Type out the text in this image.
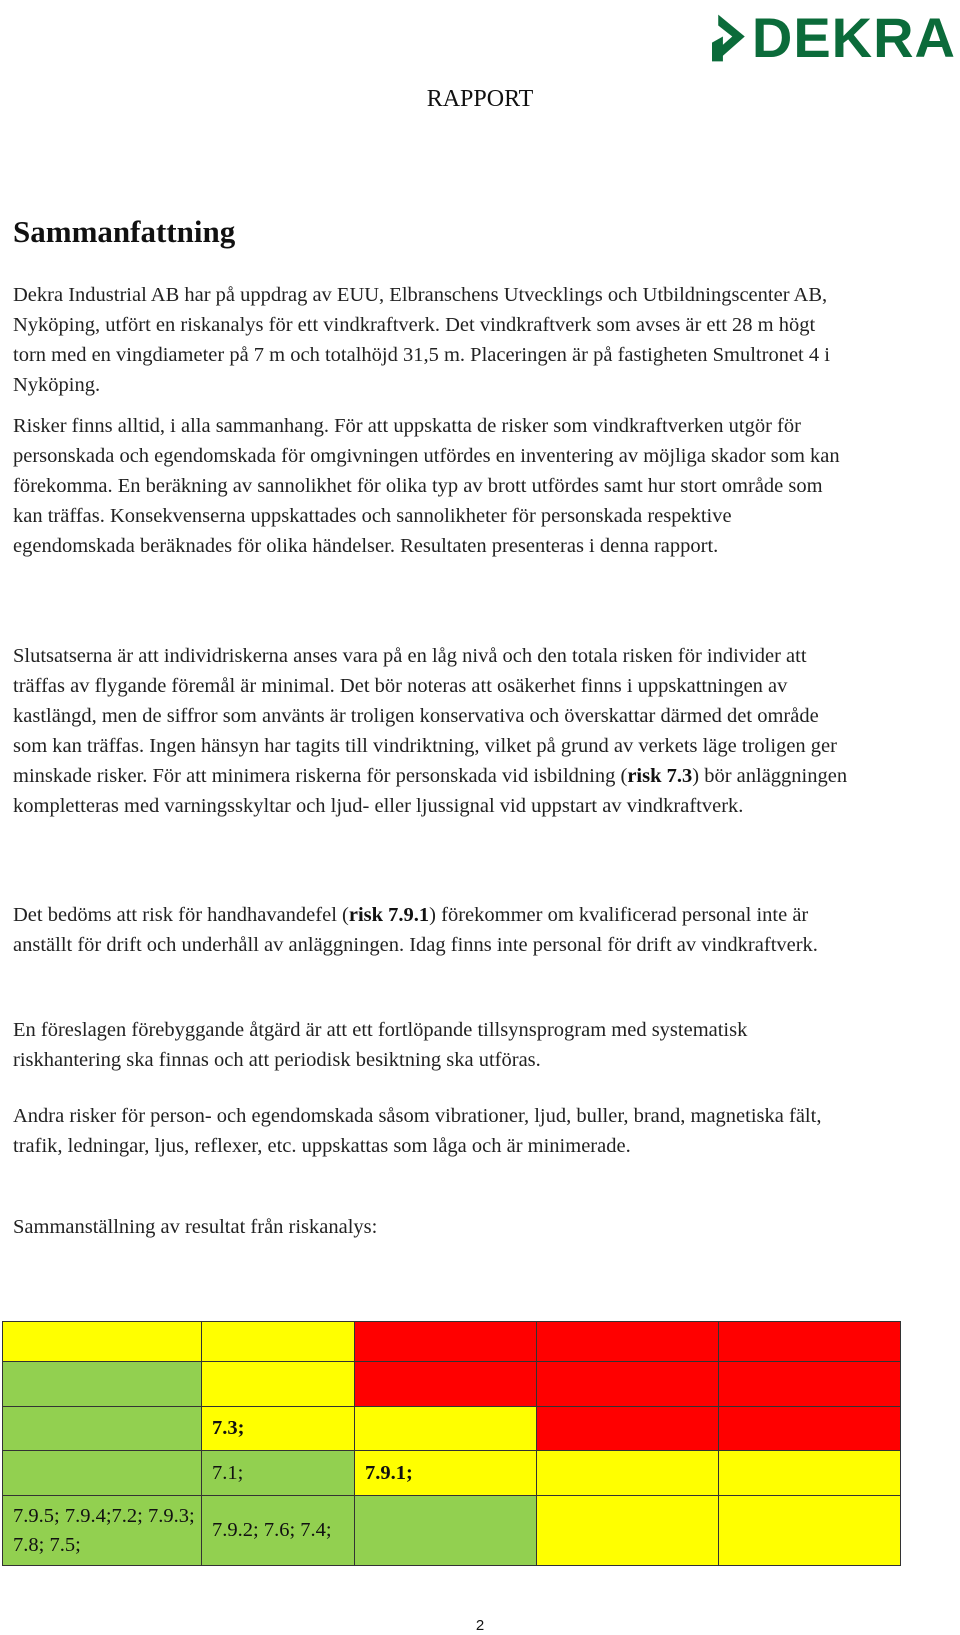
DEKRA
RAPPORT
Sammanfattning

Dekra Industrial AB har på uppdrag av EUU, Elbranschens Utvecklings och Utbildningscenter AB, Nyköping, utfört en riskanalys för ett vindkraftverk. Det vindkraftverk som avses är ett 28 m högt torn med en vingdiameter på 7 m och totalhöjd 31,5 m. Placeringen är på fastigheten Smultronet 4 i Nyköping.

Risker finns alltid, i alla sammanhang. För att uppskatta de risker som vindkraftverken utgör för personskada och egendomskada för omgivningen utfördes en inventering av möjliga skador som kan förekomma. En beräkning av sannolikhet för olika typ av brott utfördes samt hur stort område som kan träffas. Konsekvenserna uppskattades och sannolikheter för personskada respektive egendomskada beräknades för olika händelser. Resultaten presenteras i denna rapport.

Slutsatserna är att individriskerna anses vara på en låg nivå och den totala risken för individer att träffas av flygande föremål är minimal. Det bör noteras att osäkerhet finns i uppskattningen av kastlängd, men de siffror som använts är troligen konservativa och överskattar därmed det område som kan träffas. Ingen hänsyn har tagits till vindriktning, vilket på grund av verkets läge troligen ger minskade risker. För att minimera riskerna för personskada vid isbildning (risk 7.3) bör anläggningen kompletteras med varningsskyltar och ljud- eller ljussignal vid uppstart av vindkraftverk.

Det bedöms att risk för handhavandefel (risk 7.9.1) förekommer om kvalificerad personal inte är anställt för drift och underhåll av anläggningen. Idag finns inte personal för drift av vindkraftverk.

En föreslagen förebyggande åtgärd är att ett fortlöpande tillsynsprogram med systematisk riskhantering ska finnas och att periodisk besiktning ska utföras.

Andra risker för person- och egendomskada såsom vibrationer, ljud, buller, brand, magnetiska fält, trafik, ledningar, ljus, reflexer, etc. uppskattas som låga och är minimerade.

Sammanställning av resultat från riskanalys:

	7.3;			
	7.1;	7.9.1;		
7.9.5; 7.9.4;7.2; 7.9.3; 7.8; 7.5;	7.9.2; 7.6; 7.4;			
2
